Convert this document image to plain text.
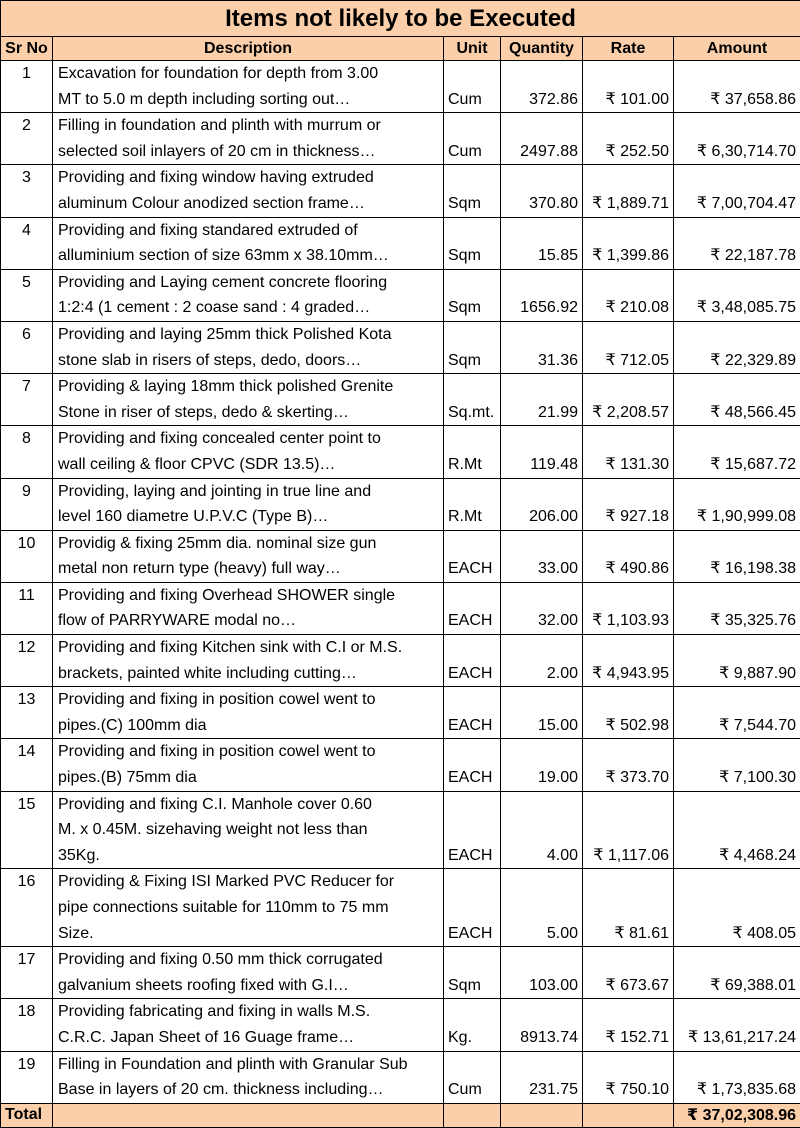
Items not likely to be Executed					
Sr No	Description	Unit	Quantity	Rate	Amount
1	Excavation for foundation for depth from 3.00
MT to 5.0 m depth including sorting out…	Cum	372.86	₹ 101.00	₹ 37,658.86
2	Filling in foundation and plinth with murrum or
selected soil inlayers of 20 cm in thickness…	Cum	2497.88	₹ 252.50	₹ 6,30,714.70
3	Providing and fixing window having extruded
aluminum Colour anodized section frame…	Sqm	370.80	₹ 1,889.71	₹ 7,00,704.47
4	Providing and fixing standared extruded of
alluminium section of size 63mm x 38.10mm…	Sqm	15.85	₹ 1,399.86	₹ 22,187.78
5	Providing and Laying cement concrete flooring
1:2:4 (1 cement : 2 coase sand : 4 graded…	Sqm	1656.92	₹ 210.08	₹ 3,48,085.75
6	Providing and laying 25mm thick Polished Kota
stone slab in risers of steps, dedo, doors…	Sqm	31.36	₹ 712.05	₹ 22,329.89
7	Providing & laying 18mm thick polished Grenite
Stone in riser of steps, dedo & skerting…	Sq.mt.	21.99	₹ 2,208.57	₹ 48,566.45
8	Providing and fixing concealed center point to
wall ceiling & floor CPVC (SDR 13.5)…	R.Mt	119.48	₹ 131.30	₹ 15,687.72
9	Providing, laying and jointing in true line and
level 160 diametre U.P.V.C (Type B)…	R.Mt	206.00	₹ 927.18	₹ 1,90,999.08
10	Providig & fixing 25mm dia. nominal size gun
metal non return type (heavy) full way…	EACH	33.00	₹ 490.86	₹ 16,198.38
11	Providing and fixing Overhead SHOWER single
flow of PARRYWARE modal no…	EACH	32.00	₹ 1,103.93	₹ 35,325.76
12	Providing and fixing Kitchen sink with C.I or M.S.
brackets, painted white including cutting…	EACH	2.00	₹ 4,943.95	₹ 9,887.90
13	Providing and fixing in position cowel went to
pipes.(C) 100mm dia	EACH	15.00	₹ 502.98	₹ 7,544.70
14	Providing and fixing in position cowel went to
pipes.(B) 75mm dia	EACH	19.00	₹ 373.70	₹ 7,100.30
15	Providing and fixing C.I. Manhole cover 0.60
M. x 0.45M. sizehaving weight not less than
35Kg.	EACH	4.00	₹ 1,117.06	₹ 4,468.24
16	Providing & Fixing ISI Marked PVC Reducer for
pipe connections suitable for 110mm to 75 mm
Size.	EACH	5.00	₹ 81.61	₹ 408.05
17	Providing and fixing 0.50 mm thick corrugated
galvanium sheets roofing fixed with G.I…	Sqm	103.00	₹ 673.67	₹ 69,388.01
18	Providing fabricating and fixing in walls M.S.
C.R.C. Japan Sheet of 16 Guage frame…	Kg.	8913.74	₹ 152.71	₹ 13,61,217.24
19	Filling in Foundation and plinth with Granular Sub
Base in layers of 20 cm. thickness including…	Cum	231.75	₹ 750.10	₹ 1,73,835.68
Total					₹ 37,02,308.96
